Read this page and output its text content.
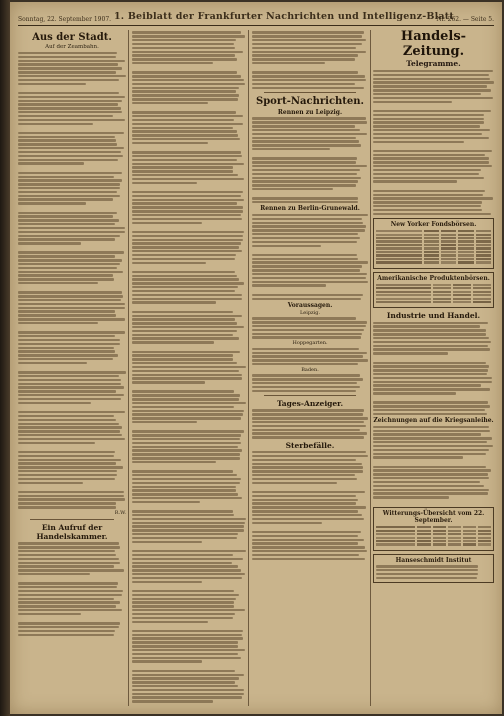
Sonntag, 22. September 1907. 1. Beiblatt der Frankfurter Nachrichten und Intelligenz-Blatt
Nr. 262. — Seite 5.
Aus der Stadt.
Auf der Zeambahn.
R.W.
Ein Aufruf der Handelskammer.
Sport-Nachrichten.
Rennen zu Leipzig.
Rennen zu Berlin-Grunewald.
Voraussagen.
Leipzig.
Hoppegarten.
Baden.
Tages-Anzeiger.
Sterbefälle.
Handels-Zeitung.
Telegramme.
New Yorker Fondsbörsen.
Amerikanische Produktenbörsen.
Industrie und Handel.
Zeichnungen auf die Kriegsanleihe.
Witterungs-Übersicht vom 22. September.
Hanseschmidt Institut
